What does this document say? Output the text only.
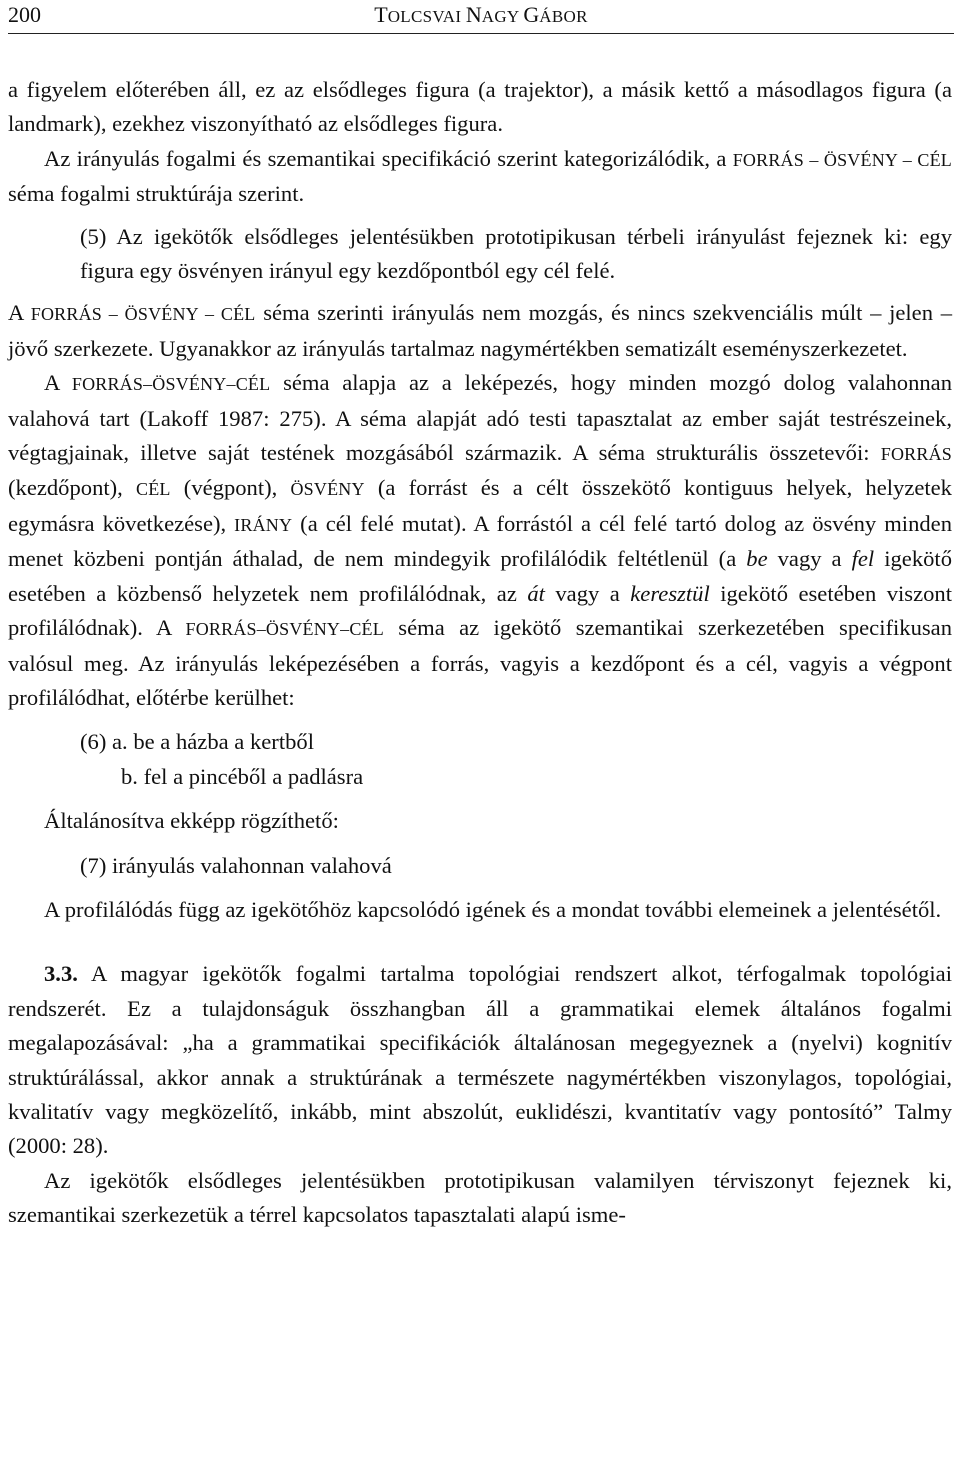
200	TOLCSVAI NAGY GÁBOR

a figyelem előterében áll, ez az elsődleges figura (a trajektor), a másik kettő a másodlagos figura (a landmark), ezekhez viszonyítható az elsődleges figura.

Az irányulás fogalmi és szemantikai specifikáció szerint kategorizálódik, a FORRÁS – ÖSVÉNY – CÉL séma fogalmi struktúrája szerint.

(5) Az igekötők elsődleges jelentésükben prototipikusan térbeli irányulást fejeznek ki: egy figura egy ösvényen irányul egy kezdőpontból egy cél felé.

A FORRÁS – ÖSVÉNY – CÉL séma szerinti irányulás nem mozgás, és nincs szekvenciális múlt – jelen – jövő szerkezete. Ugyanakkor az irányulás tartalmaz nagymértékben sematizált eseményszerkezetet.

A FORRÁS–ÖSVÉNY–CÉL séma alapja az a leképezés, hogy minden mozgó dolog valahonnan valahová tart (Lakoff 1987: 275). A séma alapját adó testi tapasztalat az ember saját testrészeinek, végtagjainak, illetve saját testének mozgásából származik. A séma strukturális összetevői: FORRÁS (kezdőpont), CÉL (végpont), ÖSVÉNY (a forrást és a célt összekötő kontiguus helyek, helyzetek egymásra következése), IRÁNY (a cél felé mutat). A forrástól a cél felé tartó dolog az ösvény minden menet közbeni pontján áthalad, de nem mindegyik profilálódik feltétlenül (a be vagy a fel igekötő esetében a közbenső helyzetek nem profilálódnak, az át vagy a keresztül igekötő esetében viszont profilálódnak). A FORRÁS–ÖSVÉNY–CÉL séma az igekötő szemantikai szerkezetében specifikusan valósul meg. Az irányulás leképezésében a forrás, vagyis a kezdőpont és a cél, vagyis a végpont profilálódhat, előtérbe kerülhet:

(6) a. be a házba a kertből

b. fel a pincéből a padlásra

Általánosítva ekképp rögzíthető:

(7) irányulás valahonnan valahová

A profilálódás függ az igekötőhöz kapcsolódó igének és a mondat további elemeinek a jelentésétől.

3.3. A magyar igekötők fogalmi tartalma topológiai rendszert alkot, térfogalmak topológiai rendszerét. Ez a tulajdonságuk összhangban áll a grammatikai elemek általános fogalmi megalapozásával: „ha a grammatikai specifikációk általánosan megegyeznek a (nyelvi) kognitív struktúrálással, akkor annak a struktúrának a természete nagymértékben viszonylagos, topológiai, kvalitatív vagy megközelítő, inkább, mint abszolút, euklidészi, kvantitatív vagy pontosító” Talmy (2000: 28).

Az igekötők elsődleges jelentésükben prototipikusan valamilyen térviszonyt fejeznek ki, szemantikai szerkezetük a térrel kapcsolatos tapasztalati alapú isme-
